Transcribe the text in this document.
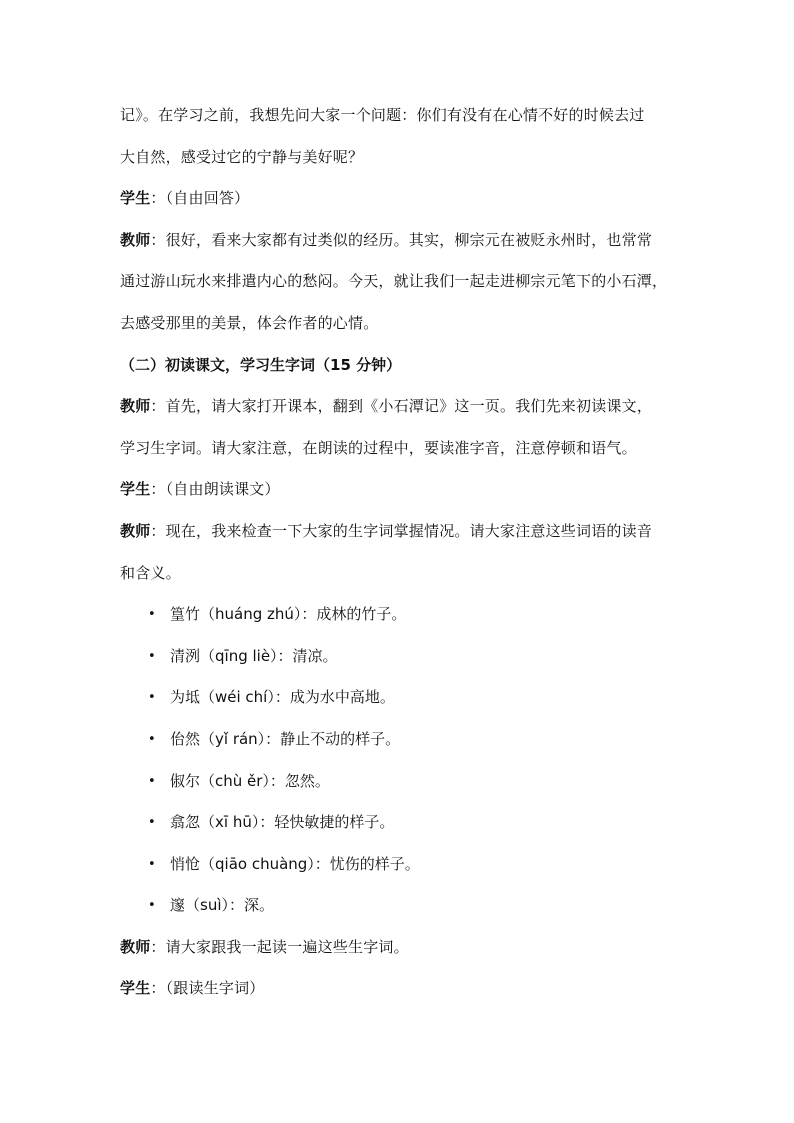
记》。在学习之前，我想先问大家一个问题：你们有没有在心情不好的时候去过
大自然，感受过它的宁静与美好呢？
学生：（自由回答）
教师：很好，看来大家都有过类似的经历。其实，柳宗元在被贬永州时，也常常
通过游山玩水来排遣内心的愁闷。今天，就让我们一起走进柳宗元笔下的小石潭，
去感受那里的美景，体会作者的心情。
（二）初读课文，学习生字词（15 分钟）
教师：首先，请大家打开课本，翻到《小石潭记》这一页。我们先来初读课文，
学习生字词。请大家注意，在朗读的过程中，要读准字音，注意停顿和语气。
学生：（自由朗读课文）
教师：现在，我来检查一下大家的生字词掌握情况。请大家注意这些词语的读音
和含义。
• 篁竹（huáng zhú）：成林的竹子。
• 清洌（qīng liè）：清凉。
• 为坻（wéi chí）：成为水中高地。
• 佁然（yǐ rán）：静止不动的样子。
• 俶尔（chù ěr）：忽然。
• 翕忽（xī hū）：轻快敏捷的样子。
• 悄怆（qiāo chuàng）：忧伤的样子。
• 邃（suì）：深。
教师：请大家跟我一起读一遍这些生字词。
学生：（跟读生字词）
